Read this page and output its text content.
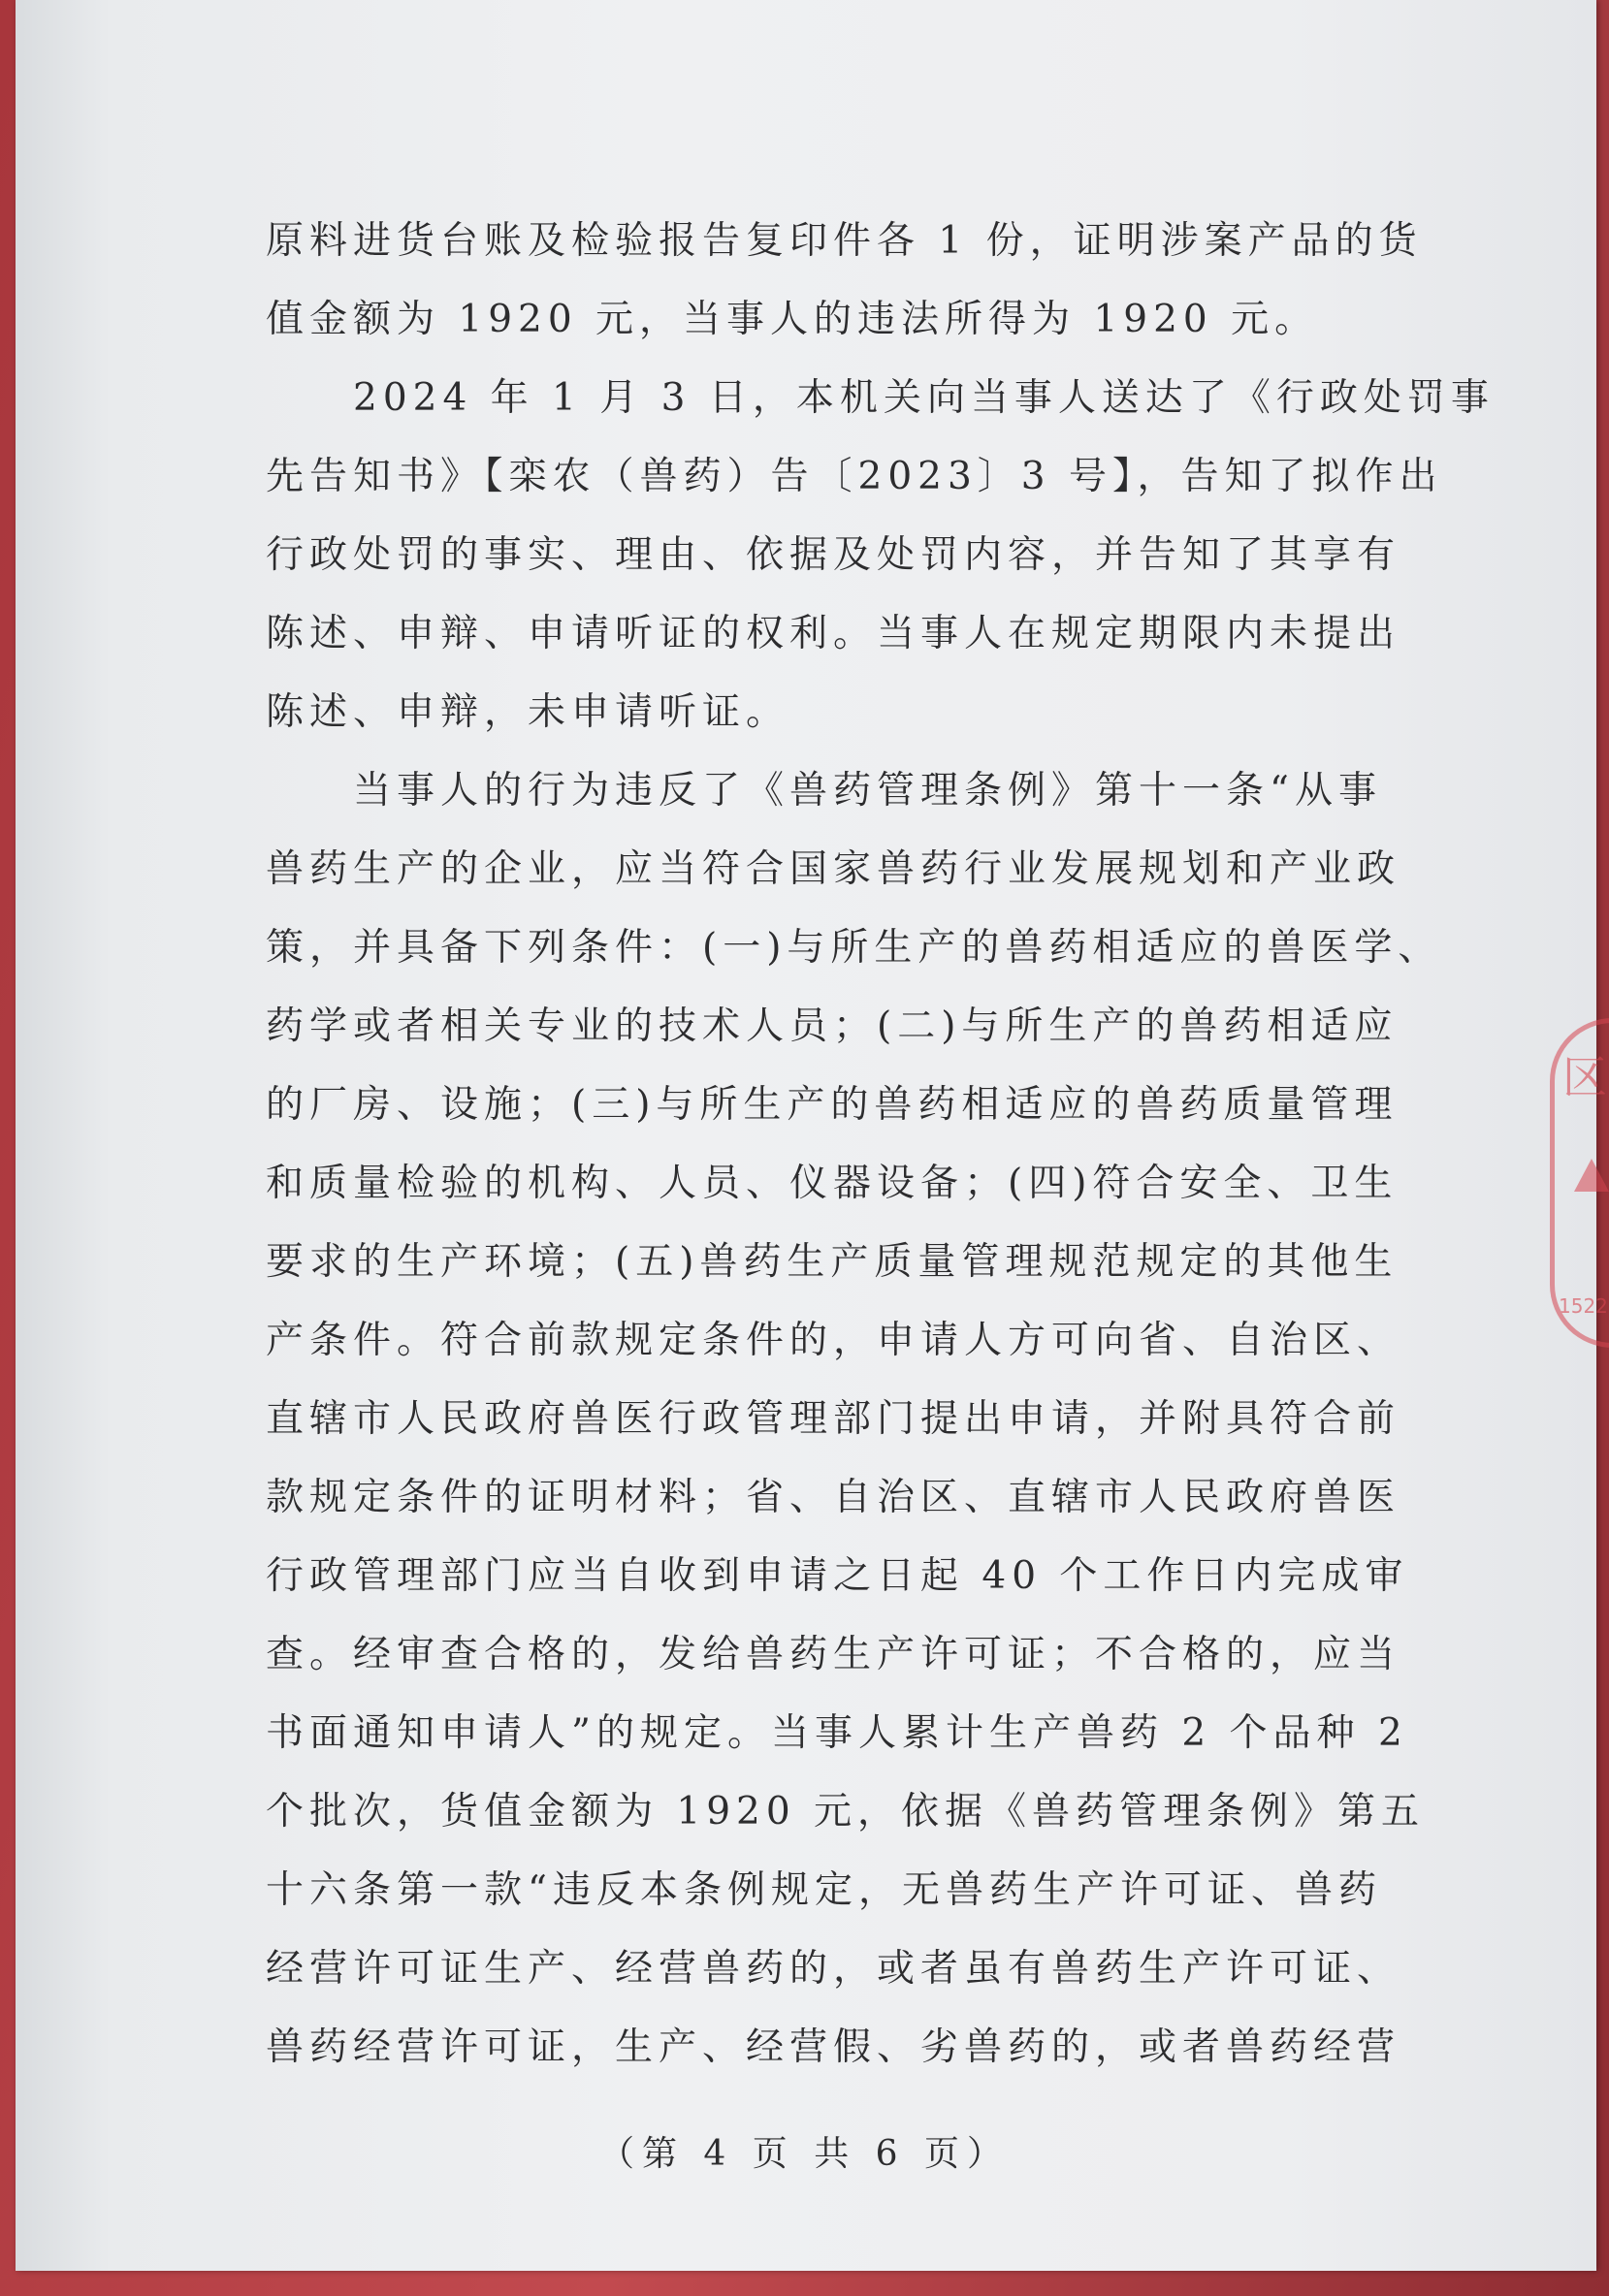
原料进货台账及检验报告复印件各 1 份，证明涉案产品的货
值金额为 1920 元，当事人的违法所得为 1920 元。
2024 年 1 月 3 日，本机关向当事人送达了《行政处罚事
先告知书》【栾农（兽药）告〔2023〕3 号】，告知了拟作出
行政处罚的事实、理由、依据及处罚内容，并告知了其享有
陈述、申辩、申请听证的权利。当事人在规定期限内未提出
陈述、申辩，未申请听证。
当事人的行为违反了《兽药管理条例》第十一条“从事
兽药生产的企业，应当符合国家兽药行业发展规划和产业政
策，并具备下列条件：(一)与所生产的兽药相适应的兽医学、
药学或者相关专业的技术人员；(二)与所生产的兽药相适应
的厂房、设施；(三)与所生产的兽药相适应的兽药质量管理
和质量检验的机构、人员、仪器设备；(四)符合安全、卫生
要求的生产环境；(五)兽药生产质量管理规范规定的其他生
产条件。符合前款规定条件的，申请人方可向省、自治区、
直辖市人民政府兽医行政管理部门提出申请，并附具符合前
款规定条件的证明材料；省、自治区、直辖市人民政府兽医
行政管理部门应当自收到申请之日起 40 个工作日内完成审
查。经审查合格的，发给兽药生产许可证；不合格的，应当
书面通知申请人”的规定。当事人累计生产兽药 2 个品种 2
个批次，货值金额为 1920 元，依据《兽药管理条例》第五
十六条第一款“违反本条例规定，无兽药生产许可证、兽药
经营许可证生产、经营兽药的，或者虽有兽药生产许可证、
兽药经营许可证，生产、经营假、劣兽药的，或者兽药经营
（第 4 页 共 6 页）
区
1522
